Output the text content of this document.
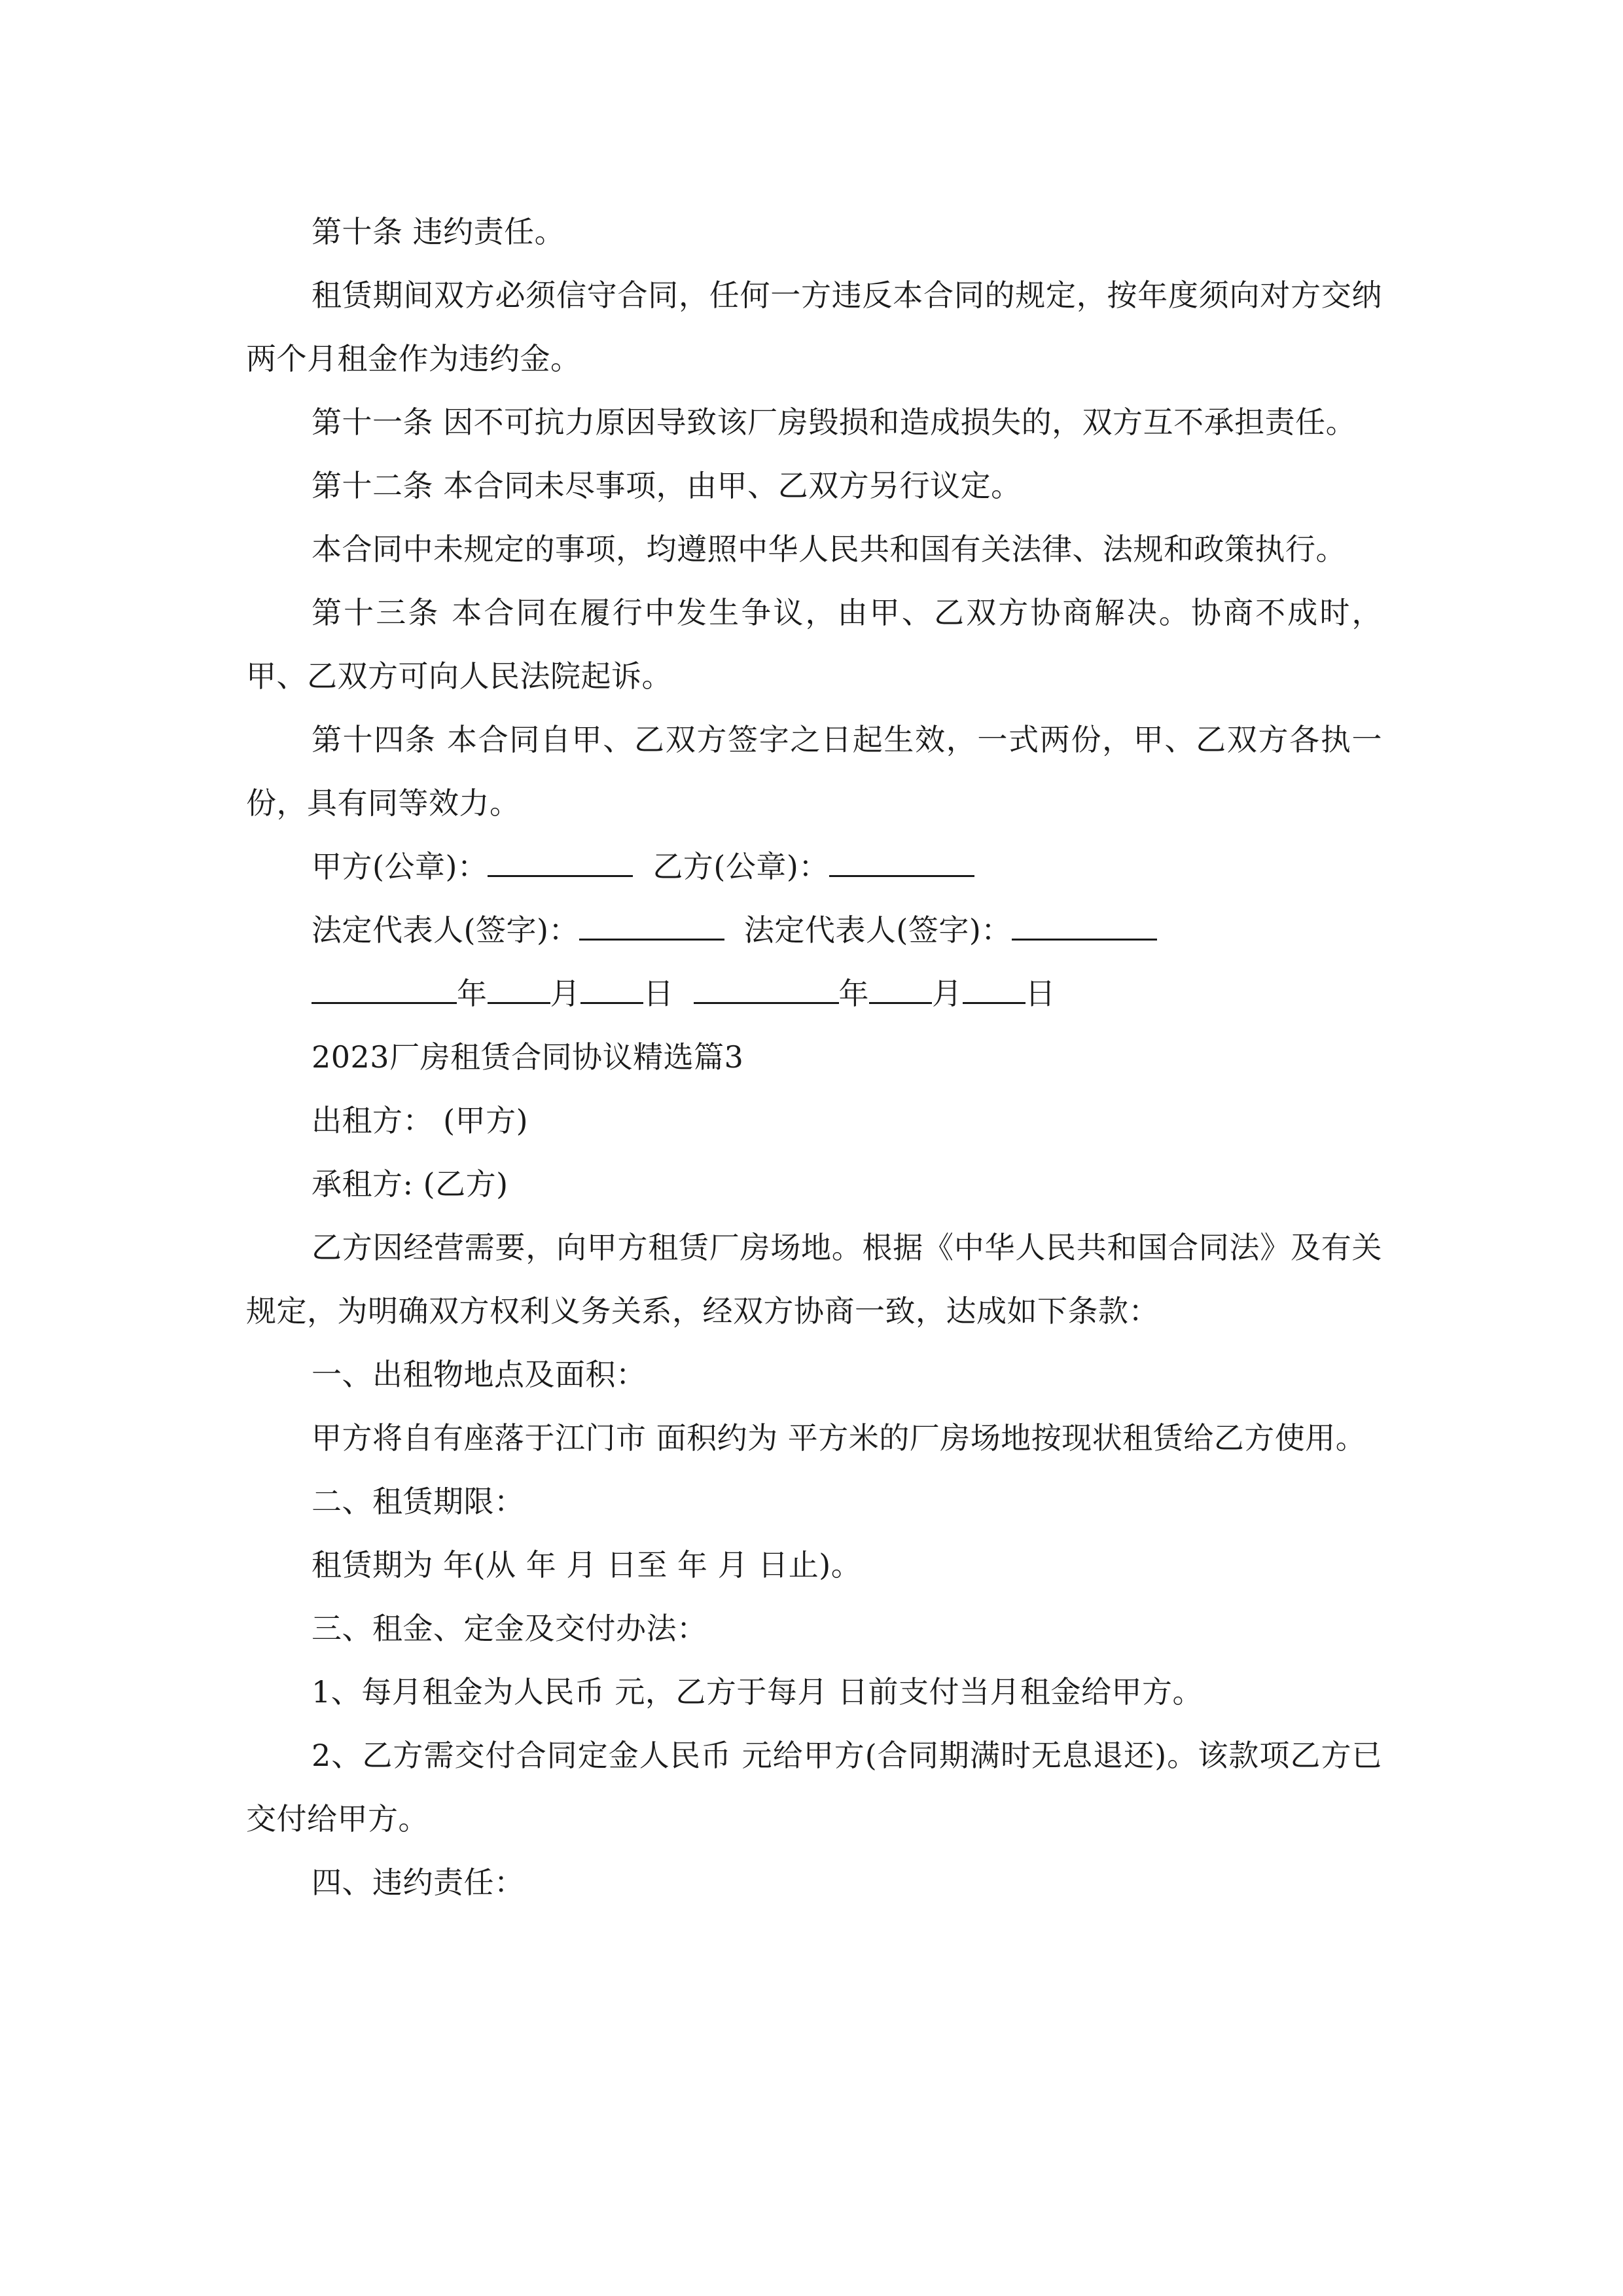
第十条 违约责任。

租赁期间双方必须信守合同，任何一方违反本合同的规定，按年度须向对方交纳两个月租金作为违约金。

第十一条 因不可抗力原因导致该厂房毁损和造成损失的，双方互不承担责任。

第十二条 本合同未尽事项，由甲、乙双方另行议定。

本合同中未规定的事项，均遵照中华人民共和国有关法律、法规和政策执行。

第十三条 本合同在履行中发生争议，由甲、乙双方协商解决。协商不成时，甲、乙双方可向人民法院起诉。

第十四条 本合同自甲、乙双方签字之日起生效，一式两份，甲、乙双方各执一份，具有同等效力。

甲方(公章)：	乙方(公章)：

法定代表人(签字)：	法定代表人(签字)：

年 月 日	年 月 日

2023厂房租赁合同协议精选篇3

出租方： (甲方)

承租方: (乙方)

乙方因经营需要，向甲方租赁厂房场地。根据《中华人民共和国合同法》及有关规定，为明确双方权利义务关系，经双方协商一致，达成如下条款：

一、出租物地点及面积：

甲方将自有座落于江门市 面积约为 平方米的厂房场地按现状租赁给乙方使用。

二、租赁期限：

租赁期为 年(从 年 月 日至 年 月 日止)。

三、租金、定金及交付办法：

1、每月租金为人民币 元，乙方于每月 日前支付当月租金给甲方。

2、乙方需交付合同定金人民币 元给甲方(合同期满时无息退还)。该款项乙方已交付给甲方。

四、违约责任：
